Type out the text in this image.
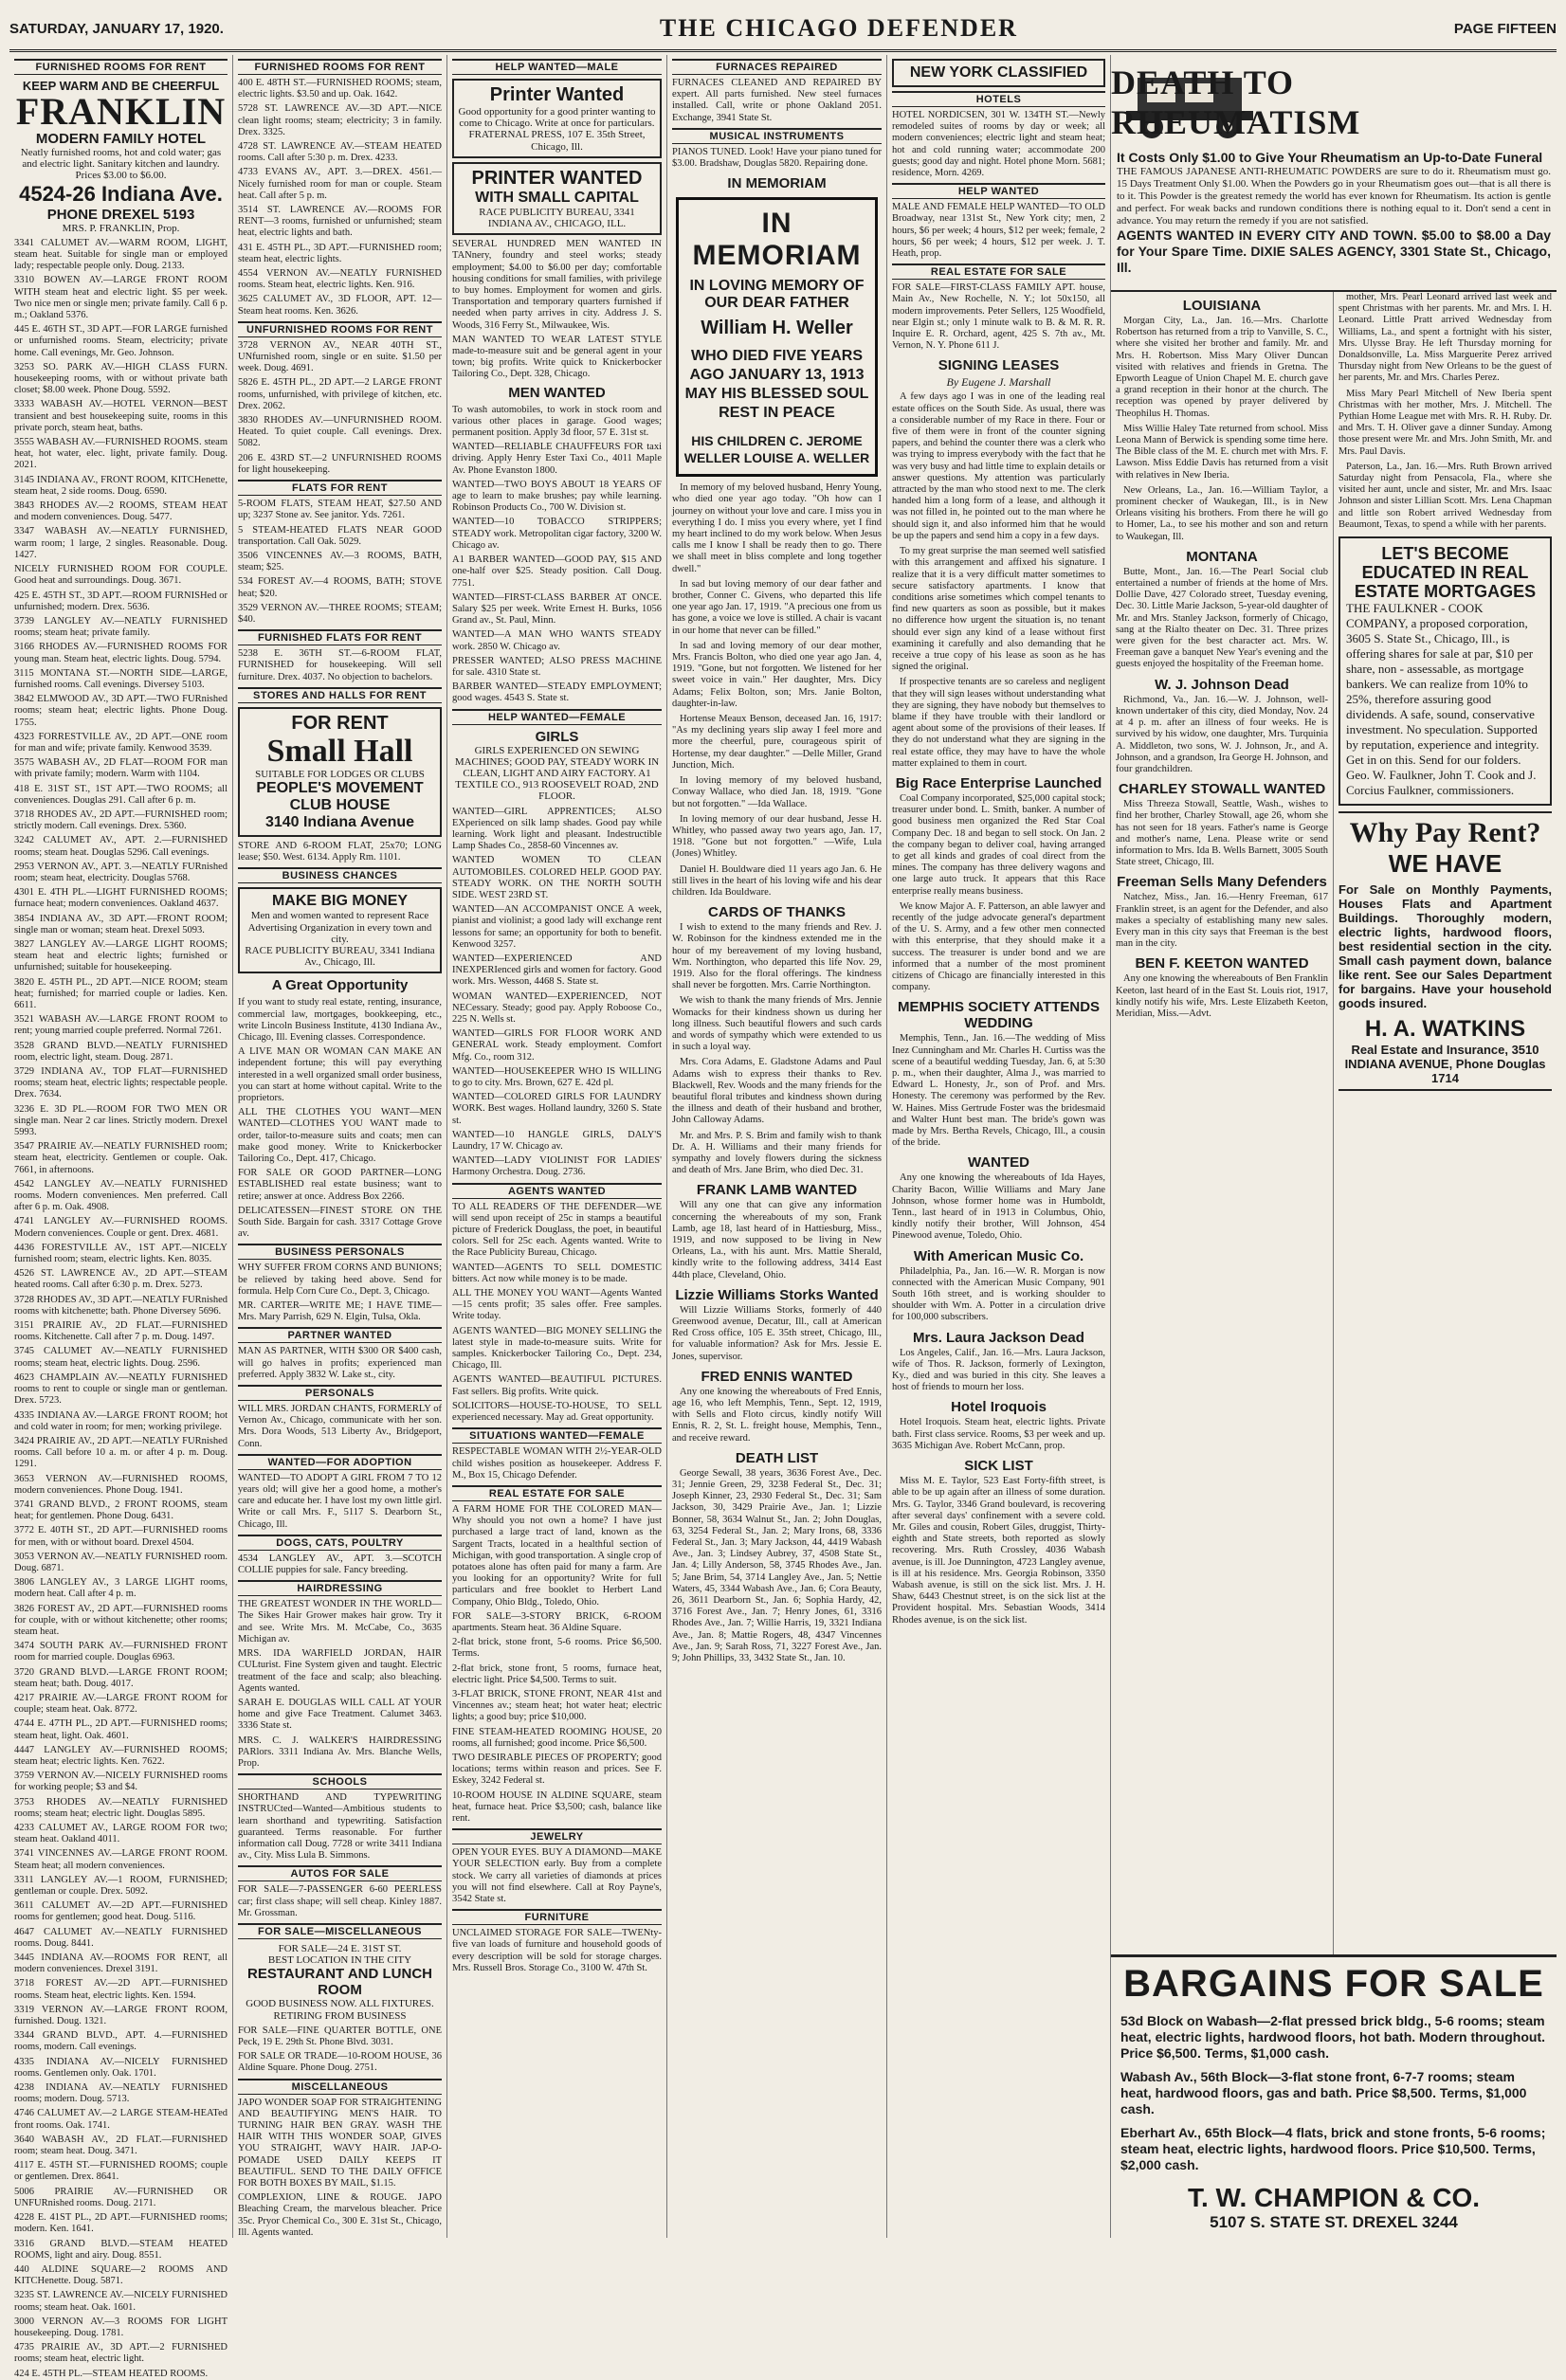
SATURDAY, JANUARY 17, 1920.	THE CHICAGO DEFENDER	PAGE FIFTEEN
FURNISHED ROOMS FOR RENT
KEEP WARM AND BE CHEERFUL
FRANKLIN
MODERN FAMILY HOTEL
Neatly furnished rooms, hot and cold water; gas and electric light. Sanitary kitchen and laundry. Prices $3.00 to $6.00.
4524-26 Indiana Ave.
PHONE DREXEL 5193
MRS. P. FRANKLIN, Prop.

3341 CALUMET AV.—WARM ROOM, LIGHT, steam heat. Suitable for single man or employed lady; respectable people only. Doug. 2133.

3310 BOWEN AV.—LARGE FRONT ROOM WITH steam heat and electric light. $5 per week. Two nice men or single men; private family. Call 6 p. m.; Oakland 5376.

445 E. 46TH ST., 3D APT.—FOR LARGE furnished or unfurnished rooms. Steam, electricity; private home. Call evenings, Mr. Geo. Johnson.

3253 SO. PARK AV.—HIGH CLASS FURN. housekeeping rooms, with or without private bath closet; $8.00 week. Phone Doug. 5592.

3333 WABASH AV.—HOTEL VERNON—BEST transient and best housekeeping suite, rooms in this private porch, steam heat, baths.

3555 WABASH AV.—FURNISHED ROOMS. steam heat, hot water, elec. light, private family. Doug. 2021.

3145 INDIANA AV., FRONT ROOM, KITCHenette, steam heat, 2 side rooms. Doug. 6590.

3843 RHODES AV.—2 ROOMS, STEAM HEAT and modern conveniences. Doug. 5477.

3347 WABASH AV.—NEATLY FURNISHED, warm room; 1 large, 2 singles. Reasonable. Doug. 1427.

NICELY FURNISHED ROOM FOR COUPLE. Good heat and surroundings. Doug. 3671.

425 E. 45TH ST., 3D APT.—ROOM FURNISHed or unfurnished; modern. Drex. 5636.

3739 LANGLEY AV.—NEATLY FURNISHED rooms; steam heat; private family.

3166 RHODES AV.—FURNISHED ROOMS FOR young man. Steam heat, electric lights. Doug. 5794.

3115 MONTANA ST.—NORTH SIDE—LARGE, furnished rooms. Call evenings. Diversey 5103.

3842 ELMWOOD AV., 3D APT.—TWO FURnished rooms; steam heat; electric lights. Phone Doug. 1755.

4323 FORRESTVILLE AV., 2D APT.—ONE room for man and wife; private family. Kenwood 3539.

3575 WABASH AV., 2D FLAT—ROOM FOR man with private family; modern. Warm with 1104.

418 E. 31ST ST., 1ST APT.—TWO ROOMS; all conveniences. Douglas 291. Call after 6 p. m.

3718 RHODES AV., 2D APT.—FURNISHED room; strictly modern. Call evenings. Drex. 5360.

3242 CALUMET AV., APT. 2.—FURNISHED rooms; steam heat. Douglas 5296. Call evenings.

2953 VERNON AV., APT. 3.—NEATLY FURnished room; steam heat, electricity. Douglas 5768.

4301 E. 4TH PL.—LIGHT FURNISHED ROOMS; furnace heat; modern conveniences. Oakland 4637.

3854 INDIANA AV., 3D APT.—FRONT ROOM; single man or woman; steam heat. Drexel 5093.

3827 LANGLEY AV.—LARGE LIGHT ROOMS; steam heat and electric lights; furnished or unfurnished; suitable for housekeeping.

3820 E. 45TH PL., 2D APT.—NICE ROOM; steam heat; furnished; for married couple or ladies. Ken. 6611.

3521 WABASH AV.—LARGE FRONT ROOM to rent; young married couple preferred. Normal 7261.

3528 GRAND BLVD.—NEATLY FURNISHED room, electric light, steam. Doug. 2871.

3729 INDIANA AV., TOP FLAT—FURNISHED rooms; steam heat, electric lights; respectable people. Drex. 7634.

3236 E. 3D PL.—ROOM FOR TWO MEN OR single man. Near 2 car lines. Strictly modern. Drexel 5993.

3547 PRAIRIE AV.—NEATLY FURNISHED room; steam heat, electricity. Gentlemen or couple. Oak. 7661, in afternoons.

4542 LANGLEY AV.—NEATLY FURNISHED rooms. Modern conveniences. Men preferred. Call after 6 p. m. Oak. 4908.

4741 LANGLEY AV.—FURNISHED ROOMS. Modern conveniences. Couple or gent. Drex. 4681.

4436 FORESTVILLE AV., 1ST APT.—NICELY furnished room; steam, electric lights. Ken. 8035.

4526 ST. LAWRENCE AV., 2D APT.—STEAM heated rooms. Call after 6:30 p. m. Drex. 5273.

3728 RHODES AV., 3D APT.—NEATLY FURnished rooms with kitchenette; bath. Phone Diversey 5696.

3151 PRAIRIE AV., 2D FLAT.—FURNISHED rooms. Kitchenette. Call after 7 p. m. Doug. 1497.

3745 CALUMET AV.—NEATLY FURNISHED rooms; steam heat, electric lights. Doug. 2596.

4623 CHAMPLAIN AV.—NEATLY FURNISHED rooms to rent to couple or single man or gentleman. Drex. 5723.

4335 INDIANA AV.—LARGE FRONT ROOM; hot and cold water in room; for men; working privilege.

3424 PRAIRIE AV., 2D APT.—NEATLY FURnished rooms. Call before 10 a. m. or after 4 p. m. Doug. 1291.

3653 VERNON AV.—FURNISHED ROOMS, modern conveniences. Phone Doug. 1941.

3741 GRAND BLVD., 2 FRONT ROOMS, steam heat; for gentlemen. Phone Doug. 6431.

3772 E. 40TH ST., 2D APT.—FURNISHED rooms for men, with or without board. Drexel 4504.

3053 VERNON AV.—NEATLY FURNISHED room. Doug. 6871.

3806 LANGLEY AV., 3 LARGE LIGHT rooms, modern heat. Call after 4 p. m.

3826 FOREST AV., 2D APT.—FURNISHED rooms for couple, with or without kitchenette; other rooms; steam heat.

3474 SOUTH PARK AV.—FURNISHED FRONT room for married couple. Douglas 6963.

3720 GRAND BLVD.—LARGE FRONT ROOM; steam heat; bath. Doug. 4017.

4217 PRAIRIE AV.—LARGE FRONT ROOM for couple; steam heat. Oak. 8772.

4744 E. 47TH PL., 2D APT.—FURNISHED rooms; steam heat, light. Oak. 4601.

4447 LANGLEY AV.—FURNISHED ROOMS; steam heat; electric lights. Ken. 7622.

3759 VERNON AV.—NICELY FURNISHED rooms for working people; $3 and $4.

3753 RHODES AV.—NEATLY FURNISHED rooms; steam heat; electric light. Douglas 5895.

4233 CALUMET AV., LARGE ROOM FOR two; steam heat. Oakland 4011.

3741 VINCENNES AV.—LARGE FRONT ROOM. Steam heat; all modern conveniences.

3311 LANGLEY AV.—1 ROOM, FURNISHED; gentleman or couple. Drex. 5092.

3611 CALUMET AV.—2D APT.—FURNISHED rooms for gentlemen; good heat. Doug. 5116.

4647 CALUMET AV.—NEATLY FURNISHED rooms. Doug. 8441.

3445 INDIANA AV.—ROOMS FOR RENT, all modern conveniences. Drexel 3191.

3718 FOREST AV.—2D APT.—FURNISHED rooms. Steam heat, electric lights. Ken. 1594.

3319 VERNON AV.—LARGE FRONT ROOM, furnished. Doug. 1321.

3344 GRAND BLVD., APT. 4.—FURNISHED rooms, modern. Call evenings.

4335 INDIANA AV.—NICELY FURNISHED rooms. Gentlemen only. Oak. 1701.

4238 INDIANA AV.—NEATLY FURNISHED rooms; modern. Doug. 5713.

4746 CALUMET AV.—2 LARGE STEAM-HEATed front rooms. Oak. 1741.

3640 WABASH AV., 2D FLAT.—FURNISHED room; steam heat. Doug. 3471.

4117 E. 45TH ST.—FURNISHED ROOMS; couple or gentlemen. Drex. 8641.

5006 PRAIRIE AV.—FURNISHED OR UNFURnished rooms. Doug. 2171.

4228 E. 41ST PL., 2D APT.—FURNISHED rooms; modern. Ken. 1641.

3316 GRAND BLVD.—STEAM HEATED ROOMS, light and airy. Doug. 8551.

440 ALDINE SQUARE—2 ROOMS AND KITCHenette. Doug. 5871.

3235 ST. LAWRENCE AV.—NICELY FURNISHED rooms; steam heat. Oak. 1601.

3000 VERNON AV.—3 ROOMS FOR LIGHT housekeeping. Doug. 1781.

4735 PRAIRIE AV., 3D APT.—2 FURNISHED rooms; steam heat, electric light.

424 E. 45TH PL.—STEAM HEATED ROOMS.

FURNISHED ROOMS FOR RENT

400 E. 48TH ST.—FURNISHED ROOMS; steam, electric lights. $3.50 and up. Oak. 1642.

5728 ST. LAWRENCE AV.—3D APT.—NICE clean light rooms; steam; electricity; 3 in family. Drex. 3325.

4728 ST. LAWRENCE AV.—STEAM HEATED rooms. Call after 5:30 p. m. Drex. 4233.

4733 EVANS AV., APT. 3.—DREX. 4561.—Nicely furnished room for man or couple. Steam heat. Call after 5 p. m.

3514 ST. LAWRENCE AV.—ROOMS FOR RENT—3 rooms, furnished or unfurnished; steam heat, electric lights and bath.

431 E. 45TH PL., 3D APT.—FURNISHED room; steam heat, electric lights.

4554 VERNON AV.—NEATLY FURNISHED rooms. Steam heat, electric lights. Ken. 916.

3625 CALUMET AV., 3D FLOOR, APT. 12—Steam heat rooms. Ken. 3626.

UNFURNISHED ROOMS FOR RENT

3728 VERNON AV., NEAR 40TH ST., UNfurnished room, single or en suite. $1.50 per week. Doug. 4691.

5826 E. 45TH PL., 2D APT.—2 LARGE FRONT rooms, unfurnished, with privilege of kitchen, etc. Drex. 2062.

3830 RHODES AV.—UNFURNISHED ROOM. Heated. To quiet couple. Call evenings. Drex. 5082.

206 E. 43RD ST.—2 UNFURNISHED ROOMS for light housekeeping.

FLATS FOR RENT

5-ROOM FLATS, STEAM HEAT, $27.50 AND up; 3237 Stone av. See janitor. Yds. 7261.

5 STEAM-HEATED FLATS NEAR GOOD transportation. Call Oak. 5029.

3506 VINCENNES AV.—3 ROOMS, BATH, steam; $25.

534 FOREST AV.—4 ROOMS, BATH; STOVE heat; $20.

3529 VERNON AV.—THREE ROOMS; STEAM; $40.

FURNISHED FLATS FOR RENT

5238 E. 36TH ST.—6-ROOM FLAT, FURNISHED for housekeeping. Will sell furniture. Drex. 4037. No objection to bachelors.

STORES AND HALLS FOR RENT
FOR RENT
Small Hall
SUITABLE FOR LODGES OR CLUBS
PEOPLE'S MOVEMENT CLUB HOUSE
3140 Indiana Avenue

STORE AND 6-ROOM FLAT, 25x70; LONG lease; $50. West. 6134. Apply Rm. 1101.

BUSINESS CHANCES
MAKE BIG MONEY
Men and women wanted to represent Race Advertising Organization in every town and city.
RACE PUBLICITY BUREAU, 3341 Indiana Av., Chicago, Ill.
A Great Opportunity

If you want to study real estate, renting, insurance, commercial law, mortgages, bookkeeping, etc., write Lincoln Business Institute, 4130 Indiana Av., Chicago, Ill. Evening classes. Correspondence.

A LIVE MAN OR WOMAN CAN MAKE AN independent fortune; this will pay everything interested in a well organized small order business, you can start at home without capital. Write to the proprietors.

ALL THE CLOTHES YOU WANT—MEN WANTED—CLOTHES YOU WANT made to order, tailor-to-measure suits and coats; men can make good money. Write to Knickerbocker Tailoring Co., Dept. 417, Chicago.

FOR SALE OR GOOD PARTNER—LONG ESTABLISHED real estate business; want to retire; answer at once. Address Box 2266.

DELICATESSEN—FINEST STORE ON THE South Side. Bargain for cash. 3317 Cottage Grove av.

BUSINESS PERSONALS

WHY SUFFER FROM CORNS AND BUNIONS; be relieved by taking heed above. Send for formula. Help Corn Cure Co., Dept. 3, Chicago.

MR. CARTER—WRITE ME; I HAVE TIME—Mrs. Mary Parrish, 629 N. Elgin, Tulsa, Okla.

PARTNER WANTED

MAN AS PARTNER, WITH $300 OR $400 cash, will go halves in profits; experienced man preferred. Apply 3832 W. Lake st., city.

PERSONALS

WILL MRS. JORDAN CHANTS, FORMERLY of Vernon Av., Chicago, communicate with her son. Mrs. Dora Woods, 513 Liberty Av., Bridgeport, Conn.

WANTED—FOR ADOPTION

WANTED—TO ADOPT A GIRL FROM 7 TO 12 years old; will give her a good home, a mother's care and educate her. I have lost my own little girl. Write or call Mrs. F., 5117 S. Dearborn St., Chicago, Ill.

DOGS, CATS, POULTRY

4534 LANGLEY AV., APT. 3.—SCOTCH COLLIE puppies for sale. Fancy breeding.

HAIRDRESSING

THE GREATEST WONDER IN THE WORLD—The Sikes Hair Grower makes hair grow. Try it and see. Write Mrs. M. McCabe, Co., 3635 Michigan av.

MRS. IDA WARFIELD JORDAN, HAIR CULturist. Fine System given and taught. Electric treatment of the face and scalp; also bleaching. Agents wanted.

SARAH E. DOUGLAS WILL CALL AT YOUR home and give Face Treatment. Calumet 3463. 3336 State st.

MRS. C. J. WALKER'S HAIRDRESSING PARlors. 3311 Indiana Av. Mrs. Blanche Wells, Prop.

SCHOOLS

SHORTHAND AND TYPEWRITING INSTRUCted—Wanted—Ambitious students to learn shorthand and typewriting. Satisfaction guaranteed. Terms reasonable. For further information call Doug. 7728 or write 3411 Indiana av., City. Miss Lula B. Simmons.

AUTOS FOR SALE

FOR SALE—7-PASSENGER 6-60 PEERLESS car; first class shape; will sell cheap. Kinley 1887. Mr. Grossman.

FOR SALE—MISCELLANEOUS
FOR SALE—24 E. 31ST ST.
BEST LOCATION IN THE CITY
RESTAURANT AND LUNCH ROOM
GOOD BUSINESS NOW. ALL FIXTURES. RETIRING FROM BUSINESS

FOR SALE—FINE QUARTER BOTTLE, ONE Peck, 19 E. 29th St. Phone Blvd. 3031.

FOR SALE OR TRADE—10-ROOM HOUSE, 36 Aldine Square. Phone Doug. 2751.

MISCELLANEOUS

JAPO WONDER SOAP FOR STRAIGHTENING AND BEAUTIFYING MEN'S HAIR. TO TURNING HAIR BEN GRAY. WASH THE HAIR WITH THIS WONDER SOAP, GIVES YOU STRAIGHT, WAVY HAIR. JAP-O-POMADE USED DAILY KEEPS IT BEAUTIFUL. SEND TO THE DAILY OFFICE FOR BOTH BOXES BY MAIL, $1.15.

COMPLEXION, LINE & ROUGE. JAPO Bleaching Cream, the marvelous bleacher. Price 35c. Pryor Chemical Co., 300 E. 31st St., Chicago, Ill. Agents wanted.

HELP WANTED—MALE
Printer Wanted
Good opportunity for a good printer wanting to come to Chicago. Write at once for particulars.
FRATERNAL PRESS, 107 E. 35th Street, Chicago, Ill.
PRINTER WANTED
WITH SMALL CAPITAL
RACE PUBLICITY BUREAU, 3341 INDIANA AV., CHICAGO, ILL.

SEVERAL HUNDRED MEN WANTED IN TANnery, foundry and steel works; steady employment; $4.00 to $6.00 per day; comfortable housing conditions for small families, with privilege to buy homes. Employment for women and girls. Transportation and temporary quarters furnished if needed when party arrives in city. Address J. S. Woods, 316 Ferry St., Milwaukee, Wis.

MAN WANTED TO WEAR LATEST STYLE made-to-measure suit and be general agent in your town; big profits. Write quick to Knickerbocker Tailoring Co., Dept. 328, Chicago.

MEN WANTED

To wash automobiles, to work in stock room and various other places in garage. Good wages; permanent position. Apply 3d floor, 57 E. 31st st.

WANTED—RELIABLE CHAUFFEURS FOR taxi driving. Apply Henry Ester Taxi Co., 4011 Maple Av. Phone Evanston 1800.

WANTED—TWO BOYS ABOUT 18 YEARS OF age to learn to make brushes; pay while learning. Robinson Products Co., 700 W. Division st.

WANTED—10 TOBACCO STRIPPERS; STEADY work. Metropolitan cigar factory, 3200 W. Chicago av.

A1 BARBER WANTED—GOOD PAY, $15 AND one-half over $25. Steady position. Call Doug. 7751.

WANTED—FIRST-CLASS BARBER AT ONCE. Salary $25 per week. Write Ernest H. Burks, 1056 Grand av., St. Paul, Minn.

WANTED—A MAN WHO WANTS STEADY work. 2850 W. Chicago av.

PRESSER WANTED; ALSO PRESS MACHINE for sale. 4310 State st.

BARBER WANTED—STEADY EMPLOYMENT; good wages. 4543 S. State st.

HELP WANTED—FEMALE
GIRLS
GIRLS EXPERIENCED ON SEWING MACHINES; GOOD PAY, STEADY WORK IN CLEAN, LIGHT AND AIRY FACTORY. A1 TEXTILE CO., 913 ROOSEVELT ROAD, 2ND FLOOR.

WANTED—GIRL APPRENTICES; ALSO EXperienced on silk lamp shades. Good pay while learning. Work light and pleasant. Indestructible Lamp Shades Co., 2858-60 Vincennes av.

WANTED WOMEN TO CLEAN AUTOMOBILES. COLORED HELP. GOOD PAY. STEADY WORK. ON THE NORTH SOUTH SIDE. WEST 23RD ST.

WANTED—AN ACCOMPANIST ONCE A week, pianist and violinist; a good lady will exchange rent lessons for same; an opportunity for both to benefit. Kenwood 3257.

WANTED—EXPERIENCED AND INEXPERIenced girls and women for factory. Good work. Mrs. Wesson, 4468 S. State st.

WOMAN WANTED—EXPERIENCED, NOT NECessary. Steady; good pay. Apply Roboose Co., 225 N. Wells st.

WANTED—GIRLS FOR FLOOR WORK AND GENERAL work. Steady employment. Comfort Mfg. Co., room 312.

WANTED—HOUSEKEEPER WHO IS WILLING to go to city. Mrs. Brown, 627 E. 42d pl.

WANTED—COLORED GIRLS FOR LAUNDRY WORK. Best wages. Holland laundry, 3260 S. State st.

WANTED—10 HANGLE GIRLS, DALY'S Laundry, 17 W. Chicago av.

WANTED—LADY VIOLINIST FOR LADIES' Harmony Orchestra. Doug. 2736.

AGENTS WANTED

TO ALL READERS OF THE DEFENDER—WE will send upon receipt of 25c in stamps a beautiful picture of Frederick Douglass, the poet, in beautiful colors. Sell for 25c each. Agents wanted. Write to the Race Publicity Bureau, Chicago.

WANTED—AGENTS TO SELL DOMESTIC bitters. Act now while money is to be made.

ALL THE MONEY YOU WANT—Agents Wanted—15 cents profit; 35 sales offer. Free samples. Write today.

AGENTS WANTED—BIG MONEY SELLING the latest style in made-to-measure suits. Write for samples. Knickerbocker Tailoring Co., Dept. 234, Chicago, Ill.

AGENTS WANTED—BEAUTIFUL PICTURES. Fast sellers. Big profits. Write quick.

SOLICITORS—HOUSE-TO-HOUSE, TO SELL experienced necessary. May ad. Great opportunity.

SITUATIONS WANTED—FEMALE

RESPECTABLE WOMAN WITH 2½-YEAR-OLD child wishes position as housekeeper. Address F. M., Box 15, Chicago Defender.

REAL ESTATE FOR SALE

A FARM HOME FOR THE COLORED MAN—Why should you not own a home? I have just purchased a large tract of land, known as the Sargent Tracts, located in a healthful section of Michigan, with good transportation. A single crop of potatoes alone has often paid for many a farm. Are you looking for an opportunity? Write for full particulars and free booklet to Herbert Land Company, Ohio Bldg., Toledo, Ohio.

FOR SALE—3-STORY BRICK, 6-ROOM apartments. Steam heat. 36 Aldine Square.

2-flat brick, stone front, 5-6 rooms. Price $6,500. Terms.

2-flat brick, stone front, 5 rooms, furnace heat, electric light. Price $4,500. Terms to suit.

3-FLAT BRICK, STONE FRONT, NEAR 41st and Vincennes av.; steam heat; hot water heat; electric lights; a good buy; price $10,000.

FINE STEAM-HEATED ROOMING HOUSE, 20 rooms, all furnished; good income. Price $6,500.

TWO DESIRABLE PIECES OF PROPERTY; good locations; terms within reason and prices. See F. Eskey, 3242 Federal st.

10-ROOM HOUSE IN ALDINE SQUARE, steam heat, furnace heat. Price $3,500; cash, balance like rent.

JEWELRY

OPEN YOUR EYES. BUY A DIAMOND—MAKE YOUR SELECTION early. Buy from a complete stock. We carry all varieties of diamonds at prices you will not find elsewhere. Call at Roy Payne's, 3542 State st.

FURNITURE

UNCLAIMED STORAGE FOR SALE—TWENty-five van loads of furniture and household goods of every description will be sold for storage charges. Mrs. Russell Bros. Storage Co., 3100 W. 47th St.

FURNACES REPAIRED

FURNACES CLEANED AND REPAIRED BY expert. All parts furnished. New steel furnaces installed. Call, write or phone Oakland 2051. Exchange, 3941 State St.

MUSICAL INSTRUMENTS

PIANOS TUNED. Look! Have your piano tuned for $3.00. Bradshaw, Douglas 5820. Repairing done.

IN MEMORIAM
IN MEMORIAM
IN LOVING MEMORY OF OUR DEAR FATHER
William H. Weller
WHO DIED FIVE YEARS AGO JANUARY 13, 1913 MAY HIS BLESSED SOUL REST IN PEACE
HIS CHILDREN C. JEROME WELLER LOUISE A. WELLER

In memory of my beloved husband, Henry Young, who died one year ago today. "Oh how can I journey on without your love and care. I miss you in everything I do. I miss you every where, yet I find my heart inclined to do my work below. When Jesus calls me I know I shall be ready then to go. There we shall meet in bliss complete and long together dwell."

In sad but loving memory of our dear father and brother, Conner C. Givens, who departed this life one year ago Jan. 17, 1919. "A precious one from us has gone, a voice we love is stilled. A chair is vacant in our home that never can be filled."

In sad and loving memory of our dear mother, Mrs. Francis Bolton, who died one year ago Jan. 4, 1919. "Gone, but not forgotten. We listened for her sweet voice in vain." Her daughter, Mrs. Dicy Adams; Felix Bolton, son; Mrs. Janie Bolton, daughter-in-law.

Hortense Meaux Benson, deceased Jan. 16, 1917: "As my declining years slip away I feel more and more the cheerful, pure, courageous spirit of Hortense, my dear daughter." —Delle Miller, Grand Junction, Mich.

In loving memory of my beloved husband, Conway Wallace, who died Jan. 18, 1919. "Gone but not forgotten." —Ida Wallace.

In loving memory of our dear husband, Jesse H. Whitley, who passed away two years ago, Jan. 17, 1918. "Gone but not forgotten." —Wife, Lula (Jones) Whitley.

Daniel H. Bouldware died 11 years ago Jan. 6. He still lives in the heart of his loving wife and his dear children. Ida Bouldware.

CARDS OF THANKS

I wish to extend to the many friends and Rev. J. W. Robinson for the kindness extended me in the hour of my bereavement of my loving husband, Wm. Northington, who departed this life Nov. 29, 1919. Also for the floral offerings. The kindness shall never be forgotten. Mrs. Carrie Northington.

We wish to thank the many friends of Mrs. Jennie Womacks for their kindness shown us during her long illness. Such beautiful flowers and such cards and words of sympathy which were extended to us in such a loyal way.

Mrs. Cora Adams, E. Gladstone Adams and Paul Adams wish to express their thanks to Rev. Blackwell, Rev. Woods and the many friends for the beautiful floral tributes and kindness shown during the illness and death of their husband and brother, John Calloway Adams.

Mr. and Mrs. P. S. Brim and family wish to thank Dr. A. H. Williams and their many friends for sympathy and lovely flowers during the sickness and death of Mrs. Jane Brim, who died Dec. 31.

FRANK LAMB WANTED

Will any one that can give any information concerning the whereabouts of my son, Frank Lamb, age 18, last heard of in Hattiesburg, Miss., 1919, and now supposed to be living in New Orleans, La., with his aunt. Mrs. Mattie Sherald, kindly write to the following address, 3414 East 44th place, Cleveland, Ohio.

Lizzie Williams Storks Wanted

Will Lizzie Williams Storks, formerly of 440 Greenwood avenue, Decatur, Ill., call at American Red Cross office, 105 E. 35th street, Chicago, Ill., for valuable information? Ask for Mrs. Jessie E. Jones, supervisor.

FRED ENNIS WANTED

Any one knowing the whereabouts of Fred Ennis, age 16, who left Memphis, Tenn., Sept. 12, 1919, with Sells and Floto circus, kindly notify Will Ennis, R. 2, St. L. freight house, Memphis, Tenn., and receive reward.

DEATH LIST

George Sewall, 38 years, 3636 Forest Ave., Dec. 31; Jennie Green, 29, 3238 Federal St., Dec. 31; Joseph Kinner, 23, 2930 Federal St., Dec. 31; Sam Jackson, 30, 3429 Prairie Ave., Jan. 1; Lizzie Bonner, 58, 3634 Walnut St., Jan. 2; John Douglas, 63, 3254 Federal St., Jan. 2; Mary Irons, 68, 3336 Federal St., Jan. 3; Mary Jackson, 44, 4419 Wabash Ave., Jan. 3; Lindsey Aubrey, 37, 4508 State St., Jan. 4; Lilly Anderson, 58, 3745 Rhodes Ave., Jan. 5; Jane Brim, 54, 3714 Langley Ave., Jan. 5; Nettie Waters, 45, 3344 Wabash Ave., Jan. 6; Cora Beauty, 26, 3611 Dearborn St., Jan. 6; Sophia Hardy, 42, 3716 Forest Ave., Jan. 7; Henry Jones, 61, 3316 Rhodes Ave., Jan. 7; Willie Harris, 19, 3321 Indiana Ave., Jan. 8; Mattie Rogers, 48, 4347 Vincennes Ave., Jan. 9; Sarah Ross, 71, 3227 Forest Ave., Jan. 9; John Phillips, 33, 3432 State St., Jan. 10.

NEW YORK CLASSIFIED
HOTELS

HOTEL NORDICSEN, 301 W. 134TH ST.—Newly remodeled suites of rooms by day or week; all modern conveniences; electric light and steam heat; hot and cold running water; accommodate 200 guests; good day and night. Hotel phone Morn. 5681; residence, Morn. 4269.

HELP WANTED

MALE AND FEMALE HELP WANTED—TO OLD Broadway, near 131st St., New York city; men, 2 hours, $6 per week; 4 hours, $12 per week; female, 2 hours, $6 per week; 4 hours, $12 per week. J. T. Heath, prop.

REAL ESTATE FOR SALE

FOR SALE—FIRST-CLASS FAMILY APT. house, Main Av., New Rochelle, N. Y.; lot 50x150, all modern improvements. Peter Sellers, 125 Woodfield, near Elgin st.; only 1 minute walk to B. & M. R. R. Inquire E. R. Orchard, agent, 425 S. 7th av., Mt. Vernon, N. Y. Phone 611 J.

SIGNING LEASES
By Eugene J. Marshall

A few days ago I was in one of the leading real estate offices on the South Side. As usual, there was a considerable number of my Race in there. Four or five of them were in front of the counter signing papers, and behind the counter there was a clerk who was trying to impress everybody with the fact that he was very busy and had little time to explain details or answer questions. My attention was particularly attracted by the man who stood next to me. The clerk handed him a long form of a lease, and although it was not filled in, he pointed out to the man where he should sign it, and also informed him that he would be up the papers and send him a copy in a few days.

To my great surprise the man seemed well satisfied with this arrangement and affixed his signature. I realize that it is a very difficult matter sometimes to secure satisfactory apartments. I know that conditions arise sometimes which compel tenants to find new quarters as soon as possible, but it makes no difference how urgent the situation is, no tenant should ever sign any kind of a lease without first examining it carefully and also demanding that he receive a true copy of his lease as soon as he has signed the original.

If prospective tenants are so careless and negligent that they will sign leases without understanding what they are signing, they have nobody but themselves to blame if they have trouble with their landlord or agent about some of the provisions of their leases. If they do not understand what they are signing in the real estate office, they may have to have the whole matter explained to them in court.

Big Race Enterprise Launched

Coal Company incorporated, $25,000 capital stock; treasurer under bond. L. Smith, banker. A number of good business men organized the Red Star Coal Company Dec. 18 and began to sell stock. On Jan. 2 the company began to deliver coal, having arranged to get all kinds and grades of coal direct from the mines. The company has three delivery wagons and one large auto truck. It appears that this Race enterprise really means business.

We know Major A. F. Patterson, an able lawyer and recently of the judge advocate general's department of the U. S. Army, and a few other men connected with this enterprise, that they should make it a success. The treasurer is under bond and we are informed that a number of the most prominent citizens of Chicago are financially interested in this company.

MEMPHIS SOCIETY ATTENDS WEDDING

Memphis, Tenn., Jan. 16.—The wedding of Miss Inez Cunningham and Mr. Charles H. Curtiss was the scene of a beautiful wedding Tuesday, Jan. 6, at 5:30 p. m., when their daughter, Alma J., was married to Edward L. Honesty, Jr., son of Prof. and Mrs. Honesty. The ceremony was performed by the Rev. W. Haines. Miss Gertrude Foster was the bridesmaid and Walter Hunt best man. The bride's gown was made by Mrs. Bertha Revels, Chicago, Ill., a cousin of the bride.

WANTED

Any one knowing the whereabouts of Ida Hayes, Charity Bacon, Willie Williams and Mary Jane Johnson, whose former home was in Humboldt, Tenn., last heard of in 1913 in Columbus, Ohio, kindly notify their brother, Will Johnson, 454 Pinewood avenue, Toledo, Ohio.

With American Music Co.

Philadelphia, Pa., Jan. 16.—W. R. Morgan is now connected with the American Music Company, 901 South 16th street, and is working shoulder to shoulder with Wm. A. Potter in a circulation drive for 100,000 subscribers.

Mrs. Laura Jackson Dead

Los Angeles, Calif., Jan. 16.—Mrs. Laura Jackson, wife of Thos. R. Jackson, formerly of Lexington, Ky., died and was buried in this city. She leaves a host of friends to mourn her loss.

Hotel Iroquois

Hotel Iroquois. Steam heat, electric lights. Private bath. First class service. Rooms, $3 per week and up. 3635 Michigan Ave. Robert McCann, prop.

SICK LIST

Miss M. E. Taylor, 523 East Forty-fifth street, is able to be up again after an illness of some duration. Mrs. G. Taylor, 3346 Grand boulevard, is recovering after several days' confinement with a severe cold. Mr. Giles and cousin, Robert Giles, druggist, Thirty-eighth and State streets, both reported as slowly recovering. Mrs. Ruth Crossley, 4036 Wabash avenue, is ill. Joe Dunnington, 4723 Langley avenue, is ill at his residence. Mrs. Georgia Robinson, 3350 Wabash avenue, is still on the sick list. Mrs. J. H. Shaw, 6443 Chestnut street, is on the sick list at the Provident hospital. Mrs. Sebastian Woods, 3414 Rhodes avenue, is on the sick list.

DEATH TO RHEUMATISM
It Costs Only $1.00 to Give Your Rheumatism an Up-to-Date Funeral
THE FAMOUS JAPANESE ANTI-RHEUMATIC POWDERS are sure to do it. Rheumatism must go. 15 Days Treatment Only $1.00. When the Powders go in your Rheumatism goes out—that is all there is to it. This Powder is the greatest remedy the world has ever known for Rheumatism. Its action is gentle and perfect. For weak backs and rundown conditions there is nothing equal to it. Don't send a cent in advance. You may return the remedy if you are not satisfied.
AGENTS WANTED IN EVERY CITY AND TOWN. $5.00 to $8.00 a Day for Your Spare Time. DIXIE SALES AGENCY, 3301 State St., Chicago, Ill.
LOUISIANA

Morgan City, La., Jan. 16.—Mrs. Charlotte Robertson has returned from a trip to Vanville, S. C., where she visited her brother and family. Mr. and Mrs. H. Robertson. Miss Mary Oliver Duncan visited with relatives and friends in Gretna. The Epworth League of Union Chapel M. E. church gave a grand reception in their honor at the church. The reception was opened by prayer delivered by Theophilus H. Thomas.

Miss Willie Haley Tate returned from school. Miss Leona Mann of Berwick is spending some time here. The Bible class of the M. E. church met with Mrs. F. Lawson. Miss Eddie Davis has returned from a visit with relatives in New Iberia.

New Orleans, La., Jan. 16.—William Taylor, a prominent checker of Waukegan, Ill., is in New Orleans visiting his brothers. From there he will go to Homer, La., to see his mother and son and return to Waukegan, Ill.

MONTANA

Butte, Mont., Jan. 16.—The Pearl Social club entertained a number of friends at the home of Mrs. Dollie Dave, 427 Colorado street, Tuesday evening, Dec. 30. Little Marie Jackson, 5-year-old daughter of Mr. and Mrs. Stanley Jackson, formerly of Chicago, sang at the Rialto theater on Dec. 31. Three prizes were given for the best character act. Mrs. W. Freeman gave a banquet New Year's evening and the guests enjoyed the hospitality of the Freeman home.

W. J. Johnson Dead

Richmond, Va., Jan. 16.—W. J. Johnson, well-known undertaker of this city, died Monday, Nov. 24 at 4 p. m. after an illness of four weeks. He is survived by his widow, one daughter, Mrs. Turquinia A. Middleton, two sons, W. J. Johnson, Jr., and A. Johnson, and a grandson, Ira George H. Johnson, and four grandchildren.

CHARLEY STOWALL WANTED

Miss Threeza Stowall, Seattle, Wash., wishes to find her brother, Charley Stowall, age 26, whom she has not seen for 18 years. Father's name is George and mother's name, Lena. Please write or send information to Mrs. Ida B. Wells Barnett, 3005 South State street, Chicago, Ill.

Freeman Sells Many Defenders

Natchez, Miss., Jan. 16.—Henry Freeman, 617 Franklin street, is an agent for the Defender, and also makes a specialty of establishing many new sales. Every man in this city says that Freeman is the best man in the city.

BEN F. KEETON WANTED

Any one knowing the whereabouts of Ben Franklin Keeton, last heard of in the East St. Louis riot, 1917, kindly notify his wife, Mrs. Leste Elizabeth Keeton, Meridian, Miss.—Advt.

mother, Mrs. Pearl Leonard arrived last week and spent Christmas with her parents. Mr. and Mrs. I. H. Leonard. Little Pratt arrived Wednesday from Williams, La., and spent a fortnight with his sister, Mrs. Ulysse Bray. He left Thursday morning for Donaldsonville, La. Miss Marguerite Perez arrived Thursday night from New Orleans to be the guest of her parents, Mr. and Mrs. Charles Perez.

Miss Mary Pearl Mitchell of New Iberia spent Christmas with her mother, Mrs. J. Mitchell. The Pythian Home League met with Mrs. R. H. Ruby. Dr. and Mrs. T. H. Oliver gave a dinner Sunday. Among those present were Mr. and Mrs. John Smith, Mr. and Mrs. Paul Davis.

Paterson, La., Jan. 16.—Mrs. Ruth Brown arrived Saturday night from Pensacola, Fla., where she visited her aunt, uncle and sister, Mr. and Mrs. Isaac Johnson and sister Lillian Scott. Mrs. Lena Chapman and little son Robert arrived Wednesday from Beaumont, Texas, to spend a while with her parents.

LET'S BECOME EDUCATED IN REAL ESTATE MORTGAGES
THE FAULKNER - COOK COMPANY, a proposed corporation, 3605 S. State St., Chicago, Ill., is offering shares for sale at par, $10 per share, non - assessable, as mortgage bankers. We can realize from 10% to 25%, therefore assuring good dividends. A safe, sound, conservative investment. No speculation. Supported by reputation, experience and integrity. Get in on this. Send for our folders. Geo. W. Faulkner, John T. Cook and J. Corcius Faulkner, commissioners.
Why Pay Rent?
WE HAVE
For Sale on Monthly Payments, Houses Flats and Apartment Buildings. Thoroughly modern, electric lights, hardwood floors, best residential section in the city. Small cash payment down, balance like rent. See our Sales Department for bargains. Have your household goods insured.
H. A. WATKINS
Real Estate and Insurance, 3510 INDIANA AVENUE, Phone Douglas 1714
BARGAINS FOR SALE

53d Block on Wabash—2-flat pressed brick bldg., 5-6 rooms; steam heat, electric lights, hardwood floors, hot bath. Modern throughout. Price $6,500. Terms, $1,000 cash.

Wabash Av., 56th Block—3-flat stone front, 6-7-7 rooms; steam heat, hardwood floors, gas and bath. Price $8,500. Terms, $1,000 cash.

Eberhart Av., 65th Block—4 flats, brick and stone fronts, 5-6 rooms; steam heat, electric lights, hardwood floors. Price $10,500. Terms, $2,000 cash.

T. W. CHAMPION & CO.
5107 S. STATE ST. DREXEL 3244
